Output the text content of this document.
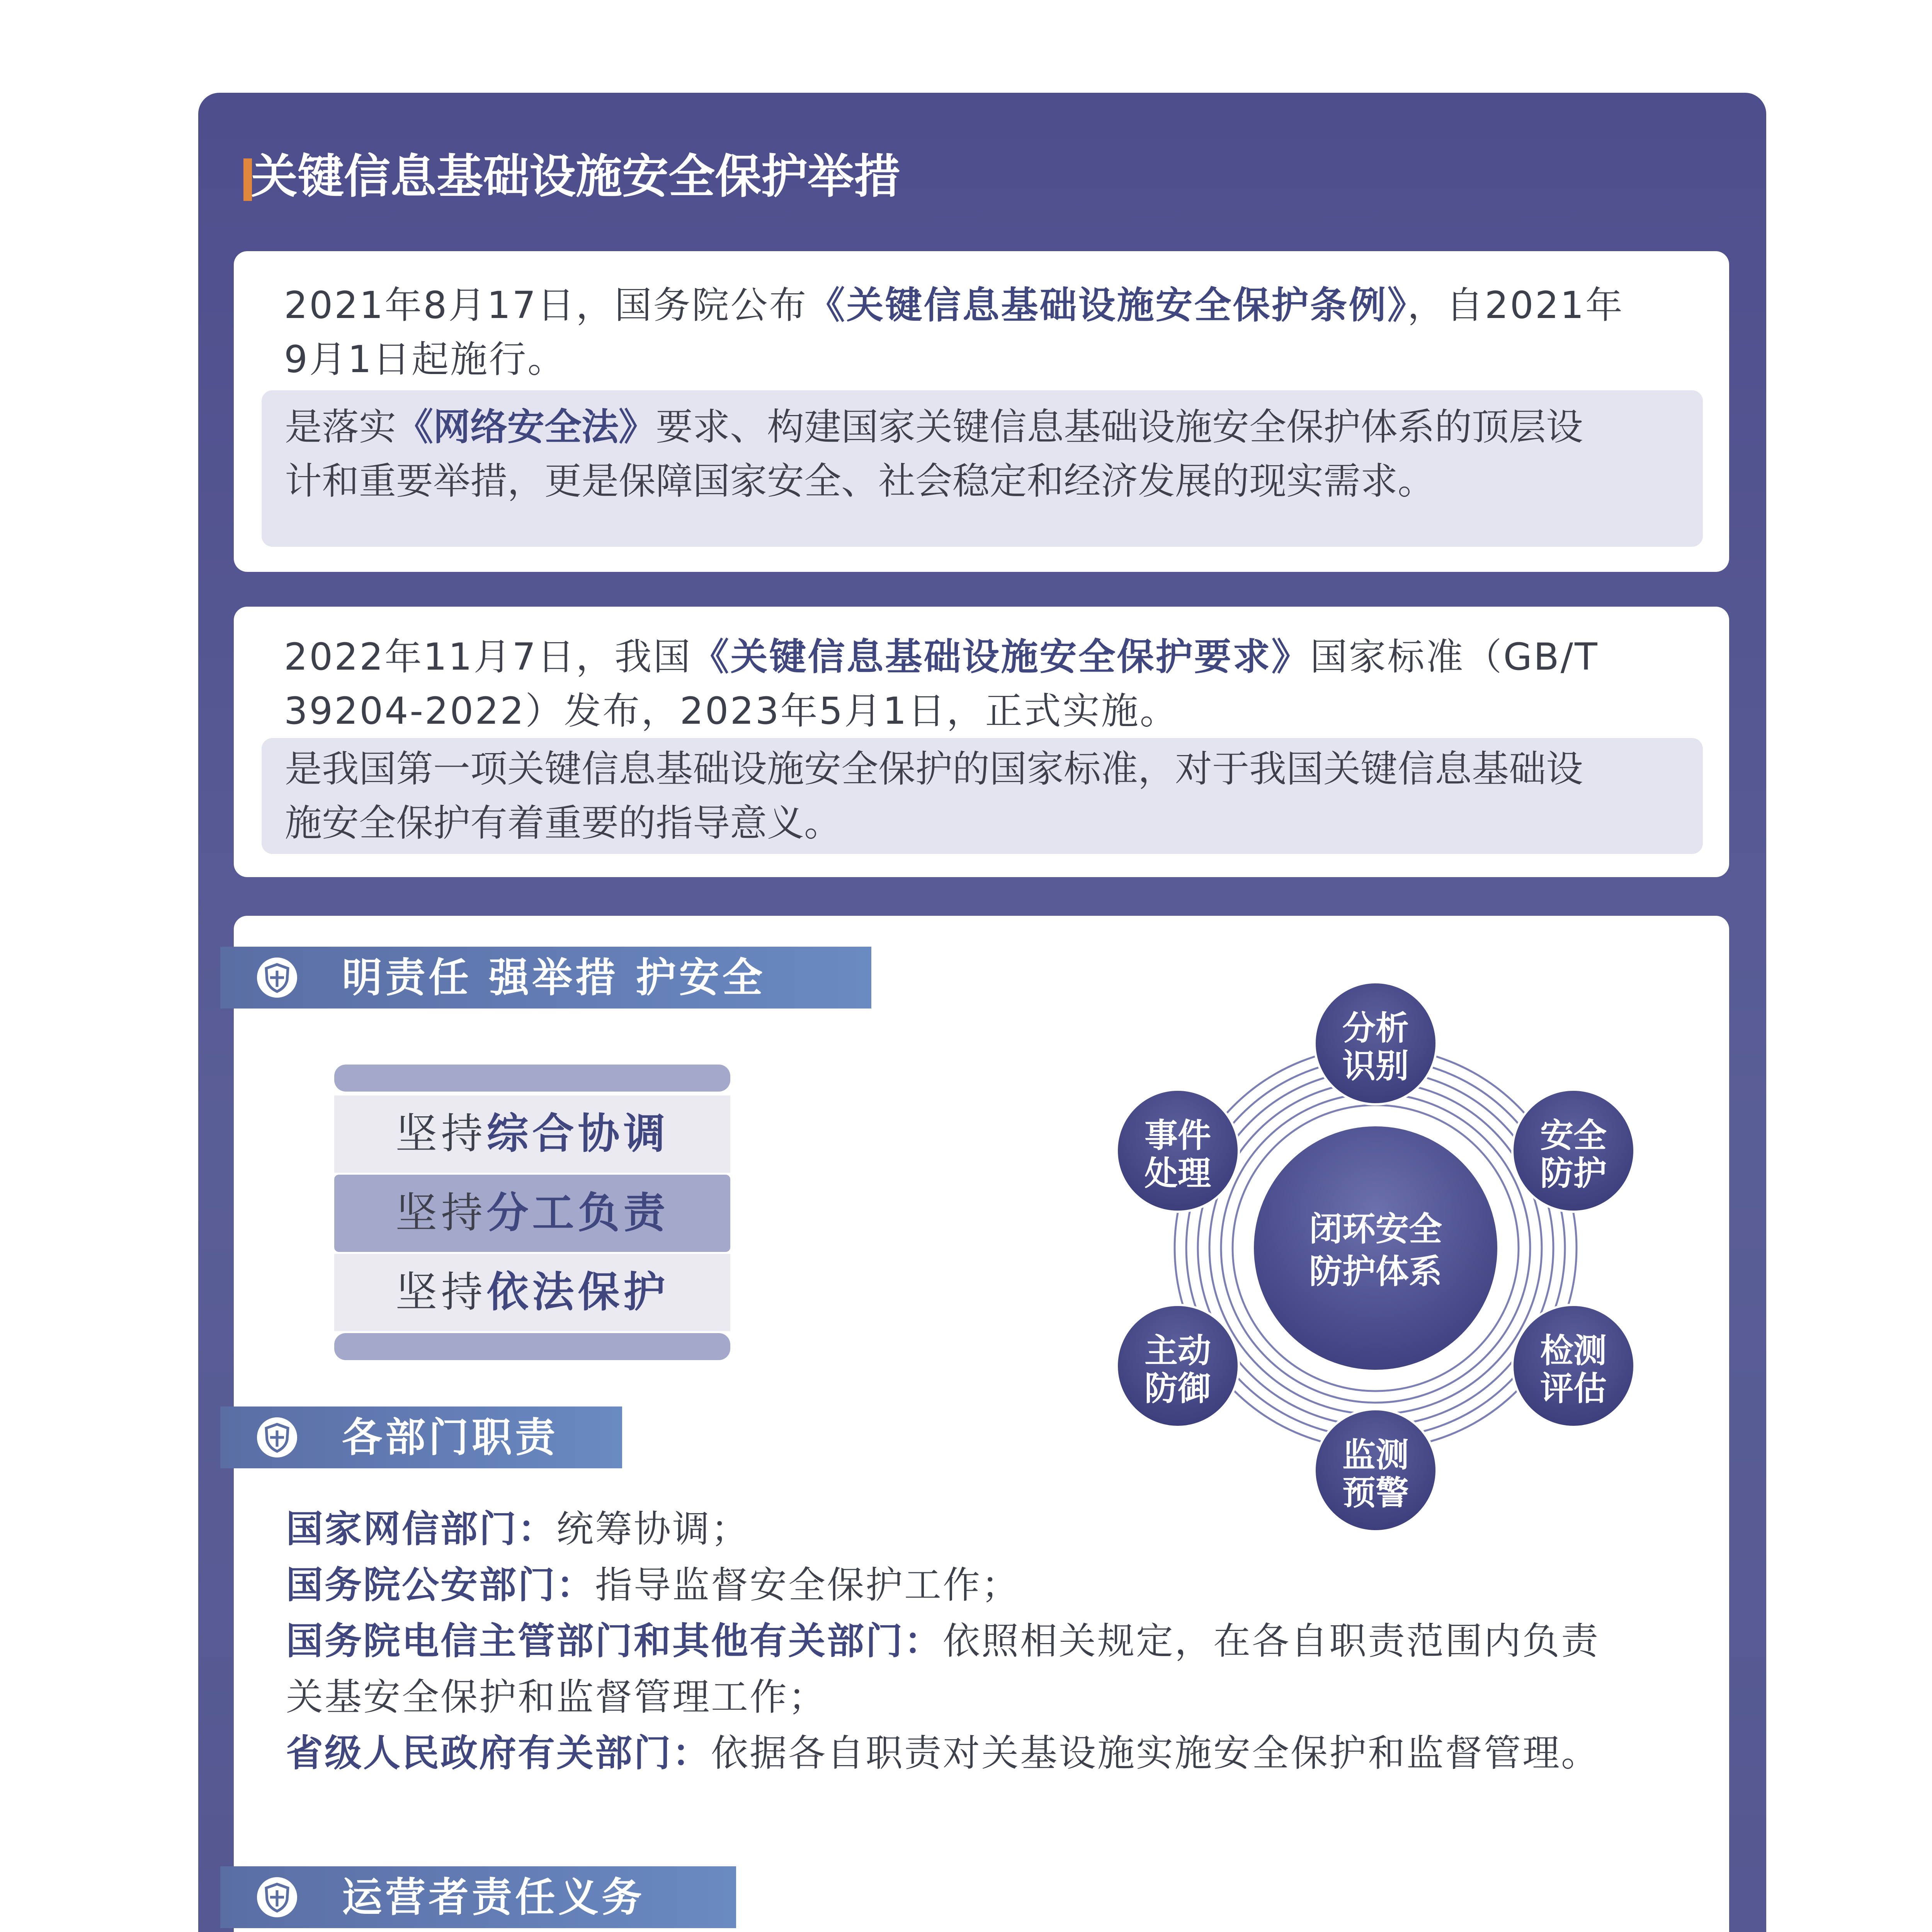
关键信息基础设施安全保护举措
2021年8月17日，国务院公布《关键信息基础设施安全保护条例》，自2021年
9月1日起施行。
是落实《网络安全法》要求、构建国家关键信息基础设施安全保护体系的顶层设
计和重要举措，更是保障国家安全、社会稳定和经济发展的现实需求。
2022年11月7日，我国《关键信息基础设施安全保护要求》国家标准（GB/T
39204-2022）发布，2023年5月1日，正式实施。
是我国第一项关键信息基础设施安全保护的国家标准，对于我国关键信息基础设
施安全保护有着重要的指导意义。
明责任 强举措 护安全
坚持综合协调
坚持分工负责
坚持依法保护
闭环安全
防护体系
分析
识别
安全
防护
检测
评估
监测
预警
主动
防御
事件
处理
各部门职责
国家网信部门：统筹协调；
国务院公安部门：指导监督安全保护工作；
国务院电信主管部门和其他有关部门：依照相关规定，在各自职责范围内负责
关基安全保护和监督管理工作；
省级人民政府有关部门：依据各自职责对关基设施实施安全保护和监督管理。
运营者责任义务
